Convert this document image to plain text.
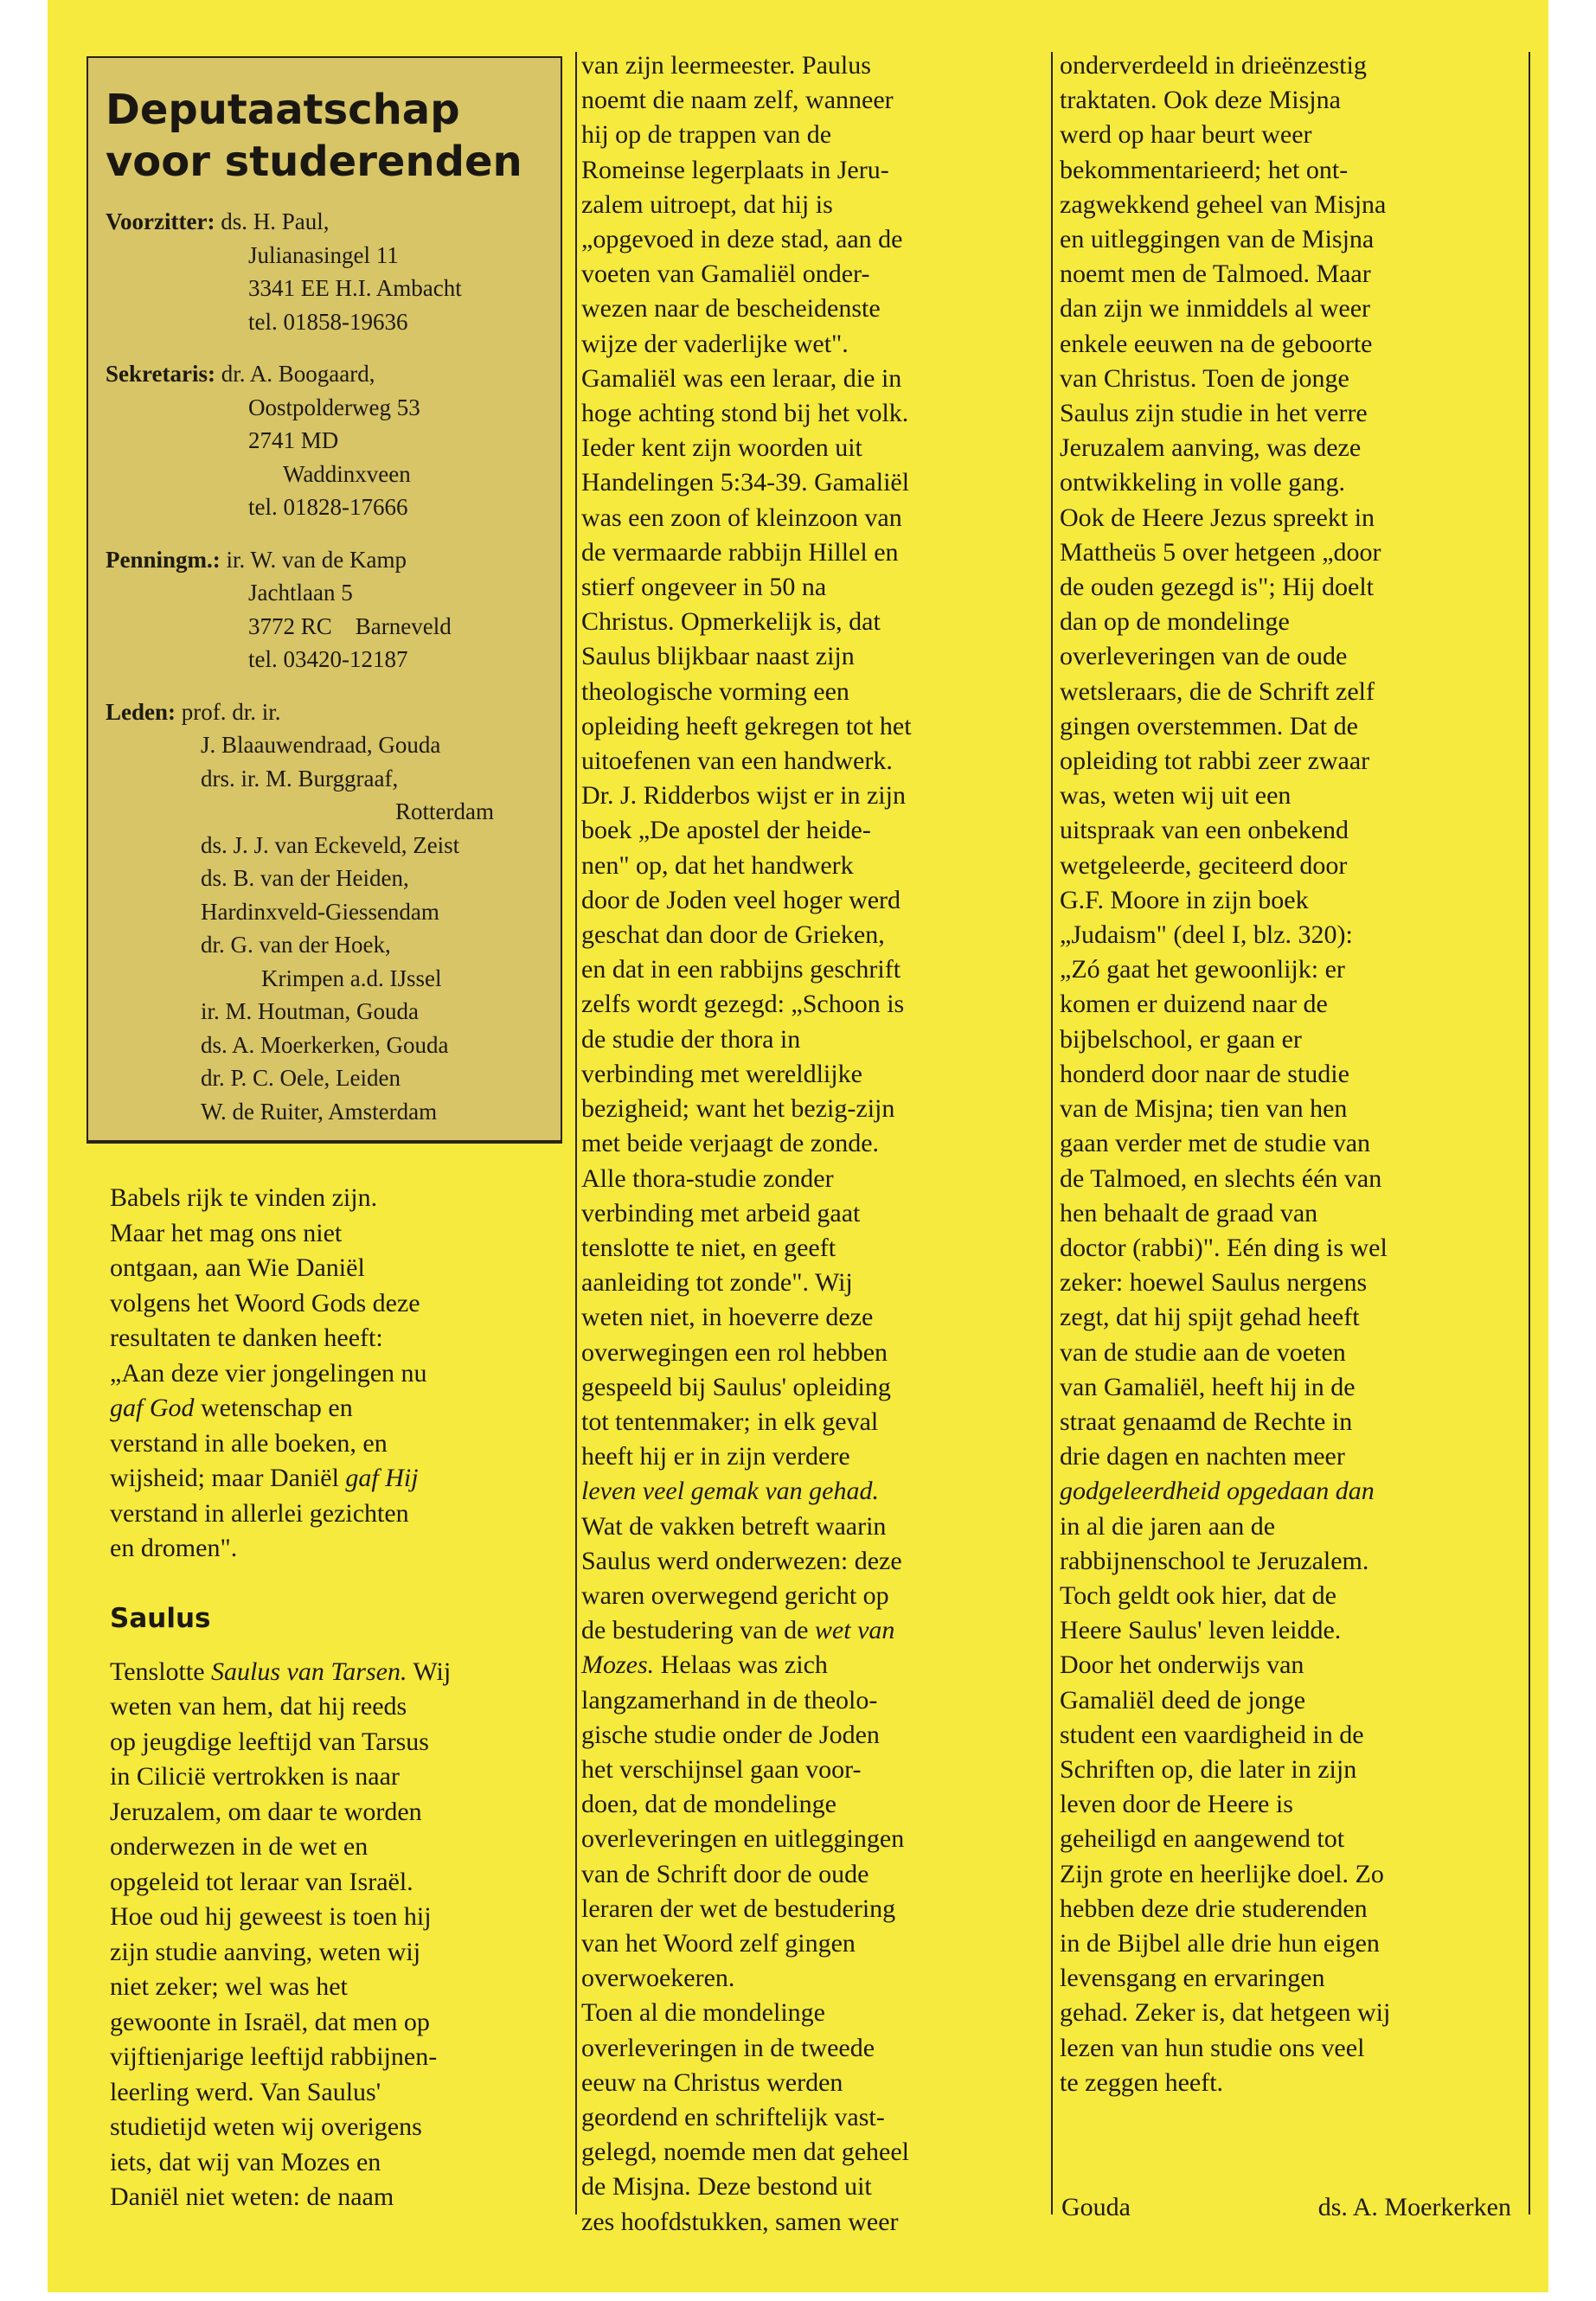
Deputaatschap
voor studerenden
Voorzitter: ds. H. Paul,
Julianasingel 11
3341 EE H.I. Ambacht
tel. 01858-19636
Sekretaris: dr. A. Boogaard,
Oostpolderweg 53
2741 MD
Waddinxveen
tel. 01828-17666
Penningm.: ir. W. van de Kamp
Jachtlaan 5
3772 RC    Barneveld
tel. 03420-12187
Leden: prof. dr. ir.
J. Blaauwendraad, Gouda
drs. ir. M. Burggraaf,
Rotterdam
ds. J. J. van Eckeveld, Zeist
ds. B. van der Heiden,
Hardinxveld-Giessendam
dr. G. van der Hoek,
Krimpen a.d. IJssel
ir. M. Houtman, Gouda
ds. A. Moerkerken, Gouda
dr. P. C. Oele, Leiden
W. de Ruiter, Amsterdam
Babels rijk te vinden zijn.
Maar het mag ons niet
ontgaan, aan Wie Daniël
volgens het Woord Gods deze
resultaten te danken heeft:
„Aan deze vier jongelingen nu
gaf God wetenschap en
verstand in alle boeken, en
wijsheid; maar Daniël gaf Hij
verstand in allerlei gezichten
en dromen".
Saulus
Tenslotte Saulus van Tarsen. Wij
weten van hem, dat hij reeds
op jeugdige leeftijd van Tarsus
in Cilicië vertrokken is naar
Jeruzalem, om daar te worden
onderwezen in de wet en
opgeleid tot leraar van Israël.
Hoe oud hij geweest is toen hij
zijn studie aanving, weten wij
niet zeker; wel was het
gewoonte in Israël, dat men op
vijftienjarige leeftijd rabbijnen-
leerling werd. Van Saulus'
studietijd weten wij overigens
iets, dat wij van Mozes en
Daniël niet weten: de naam
van zijn leermeester. Paulus
noemt die naam zelf, wanneer
hij op de trappen van de
Romeinse legerplaats in Jeru-
zalem uitroept, dat hij is
„opgevoed in deze stad, aan de
voeten van Gamaliël onder-
wezen naar de bescheidenste
wijze der vaderlijke wet".
Gamaliël was een leraar, die in
hoge achting stond bij het volk.
Ieder kent zijn woorden uit
Handelingen 5:34-39. Gamaliël
was een zoon of kleinzoon van
de vermaarde rabbijn Hillel en
stierf ongeveer in 50 na
Christus. Opmerkelijk is, dat
Saulus blijkbaar naast zijn
theologische vorming een
opleiding heeft gekregen tot het
uitoefenen van een handwerk.
Dr. J. Ridderbos wijst er in zijn
boek „De apostel der heide-
nen" op, dat het handwerk
door de Joden veel hoger werd
geschat dan door de Grieken,
en dat in een rabbijns geschrift
zelfs wordt gezegd: „Schoon is
de studie der thora in
verbinding met wereldlijke
bezigheid; want het bezig-zijn
met beide verjaagt de zonde.
Alle thora-studie zonder
verbinding met arbeid gaat
tenslotte te niet, en geeft
aanleiding tot zonde". Wij
weten niet, in hoeverre deze
overwegingen een rol hebben
gespeeld bij Saulus' opleiding
tot tentenmaker; in elk geval
heeft hij er in zijn verdere
leven veel gemak van gehad.
Wat de vakken betreft waarin
Saulus werd onderwezen: deze
waren overwegend gericht op
de bestudering van de wet van
Mozes. Helaas was zich
langzamerhand in de theolo-
gische studie onder de Joden
het verschijnsel gaan voor-
doen, dat de mondelinge
overleveringen en uitleggingen
van de Schrift door de oude
leraren der wet de bestudering
van het Woord zelf gingen
overwoekeren.
Toen al die mondelinge
overleveringen in de tweede
eeuw na Christus werden
geordend en schriftelijk vast-
gelegd, noemde men dat geheel
de Misjna. Deze bestond uit
zes hoofdstukken, samen weer
onderverdeeld in drieënzestig
traktaten. Ook deze Misjna
werd op haar beurt weer
bekommentarieerd; het ont-
zagwekkend geheel van Misjna
en uitleggingen van de Misjna
noemt men de Talmoed. Maar
dan zijn we inmiddels al weer
enkele eeuwen na de geboorte
van Christus. Toen de jonge
Saulus zijn studie in het verre
Jeruzalem aanving, was deze
ontwikkeling in volle gang.
Ook de Heere Jezus spreekt in
Mattheüs 5 over hetgeen „door
de ouden gezegd is"; Hij doelt
dan op de mondelinge
overleveringen van de oude
wetsleraars, die de Schrift zelf
gingen overstemmen. Dat de
opleiding tot rabbi zeer zwaar
was, weten wij uit een
uitspraak van een onbekend
wetgeleerde, geciteerd door
G.F. Moore in zijn boek
„Judaism" (deel I, blz. 320):
„Zó gaat het gewoonlijk: er
komen er duizend naar de
bijbelschool, er gaan er
honderd door naar de studie
van de Misjna; tien van hen
gaan verder met de studie van
de Talmoed, en slechts één van
hen behaalt de graad van
doctor (rabbi)". Eén ding is wel
zeker: hoewel Saulus nergens
zegt, dat hij spijt gehad heeft
van de studie aan de voeten
van Gamaliël, heeft hij in de
straat genaamd de Rechte in
drie dagen en nachten meer
godgeleerdheid opgedaan dan
in al die jaren aan de
rabbijnenschool te Jeruzalem.
Toch geldt ook hier, dat de
Heere Saulus' leven leidde.
Door het onderwijs van
Gamaliël deed de jonge
student een vaardigheid in de
Schriften op, die later in zijn
leven door de Heere is
geheiligd en aangewend tot
Zijn grote en heerlijke doel. Zo
hebben deze drie studerenden
in de Bijbel alle drie hun eigen
levensgang en ervaringen
gehad. Zeker is, dat hetgeen wij
lezen van hun studie ons veel
te zeggen heeft.
Gouda	ds. A. Moerkerken
